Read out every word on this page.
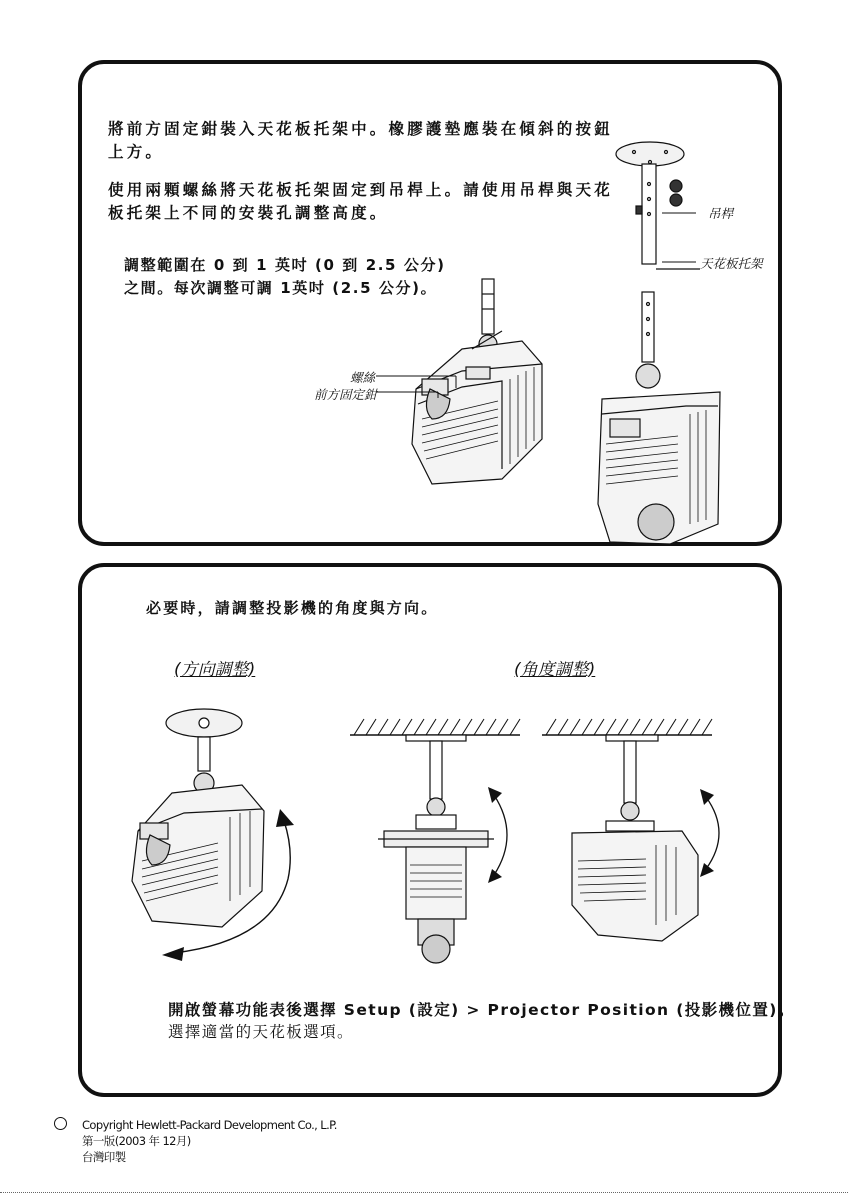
將前方固定鉗裝入天花板托架中。橡膠護墊應裝在傾斜的按鈕
上方。
使用兩顆螺絲將天花板托架固定到吊桿上。請使用吊桿與天花
板托架上不同的安裝孔調整高度。
調整範圍在 0 到 1 英吋 (0 到 2.5 公分)
之間。每次調整可調 1英吋 (2.5 公分)。
螺絲
前方固定鉗
吊桿
天花板托架
必要時，請調整投影機的角度與方向。
(方向調整)	(角度調整)
開啟螢幕功能表後選擇 Setup (設定) > Projector Position (投影機位置)。
選擇適當的天花板選項。
Copyright Hewlett-Packard Development Co., L.P.
第一版(2003 年 12月)
台灣印製
